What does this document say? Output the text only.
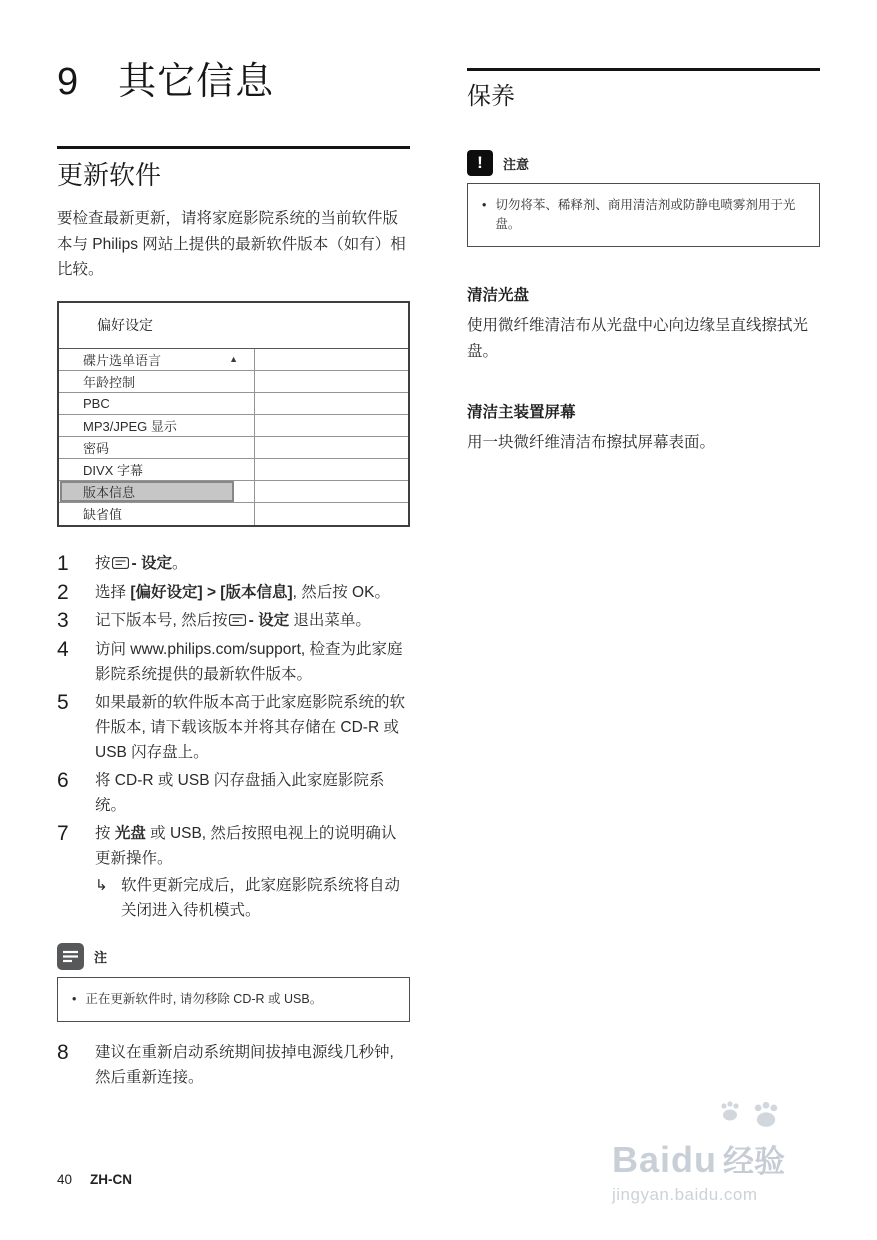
9　其它信息
更新软件
要检查最新更新，请将家庭影院系统的当前软件版本与 Philips 网站上提供的最新软件版本（如有）相比较。
偏好设定
碟片选单语言	▲
年龄控制
PBC
MP3/JPEG 显示
密码
DIVX 字幕
版本信息
缺省值
1	按 - 设定。
2	选择 [偏好设定] > [版本信息], 然后按 OK。
3	记下版本号, 然后按 - 设定 退出菜单。
4	访问 www.philips.com/support, 检查为此家庭影院系统提供的最新软件版本。
5	如果最新的软件版本高于此家庭影院系统的软件版本, 请下载该版本并将其存储在 CD-R 或 USB 闪存盘上。
6	将 CD-R 或 USB 闪存盘插入此家庭影院系统。
7	按 光盘 或 USB, 然后按照电视上的说明确认更新操作。
↳ 软件更新完成后，此家庭影院系统将自动关闭进入待机模式。
注
• 正在更新软件时, 请勿移除 CD-R 或 USB。
8	建议在重新启动系统期间拔掉电源线几秒钟, 然后重新连接。
保养
!	注意
• 切勿将苯、稀释剂、商用清洁剂或防静电喷雾剂用于光盘。
清洁光盘
使用微纤维清洁布从光盘中心向边缘呈直线擦拭光盘。
清洁主装置屏幕
用一块微纤维清洁布擦拭屏幕表面。
40 ZH-CN	Baidu 经验
jingyan.baidu.com
